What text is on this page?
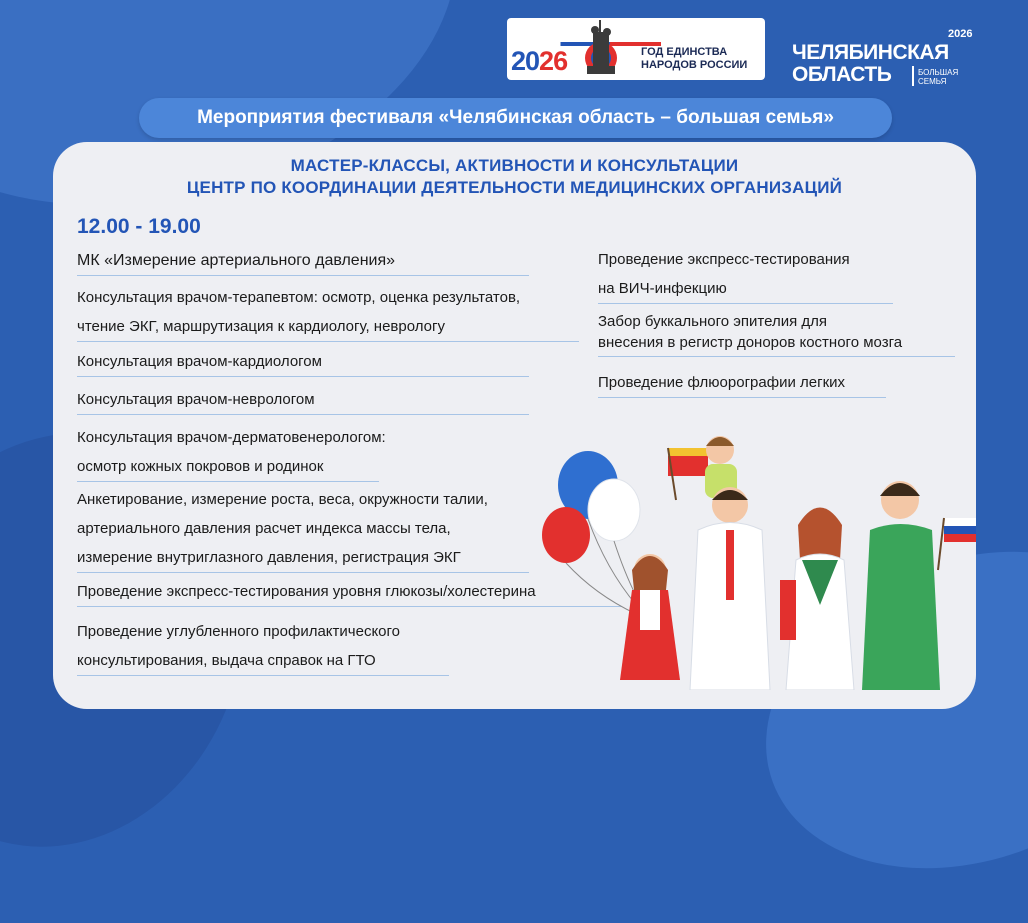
2026	ГОД ЕДИНСТВА
НАРОДОВ РОССИИ
2026
ЧЕЛЯБИНСКАЯ
ОБЛАСТЬ	БОЛЬШАЯ
СЕМЬЯ
Мероприятия фестиваля «Челябинская область – большая семья»
МАСТЕР-КЛАССЫ, АКТИВНОСТИ И КОНСУЛЬТАЦИИ
ЦЕНТР ПО КООРДИНАЦИИ ДЕЯТЕЛЬНОСТИ МЕДИЦИНСКИХ ОРГАНИЗАЦИЙ
12.00 - 19.00
МК «Измерение артериального давления»
Консультация врачом-терапевтом: осмотр, оценка результатов,
чтение ЭКГ, маршрутизация к кардиологу, неврологу
Консультация врачом-кардиологом
Консультация врачом-неврологом
Консультация врачом-дерматовенерологом:
осмотр кожных покровов и родинок
Анкетирование, измерение роста, веса, окружности талии,
артериального давления расчет индекса массы тела,
измерение внутриглазного давления, регистрация ЭКГ
Проведение экспресс-тестирования уровня глюкозы/холестерина
Проведение углубленного профилактического
консультирования, выдача справок на ГТО
Проведение экспресс-тестирования
на ВИЧ-инфекцию
Забор буккального эпителия для
внесения в регистр доноров костного мозга
Проведение флюорографии легких
